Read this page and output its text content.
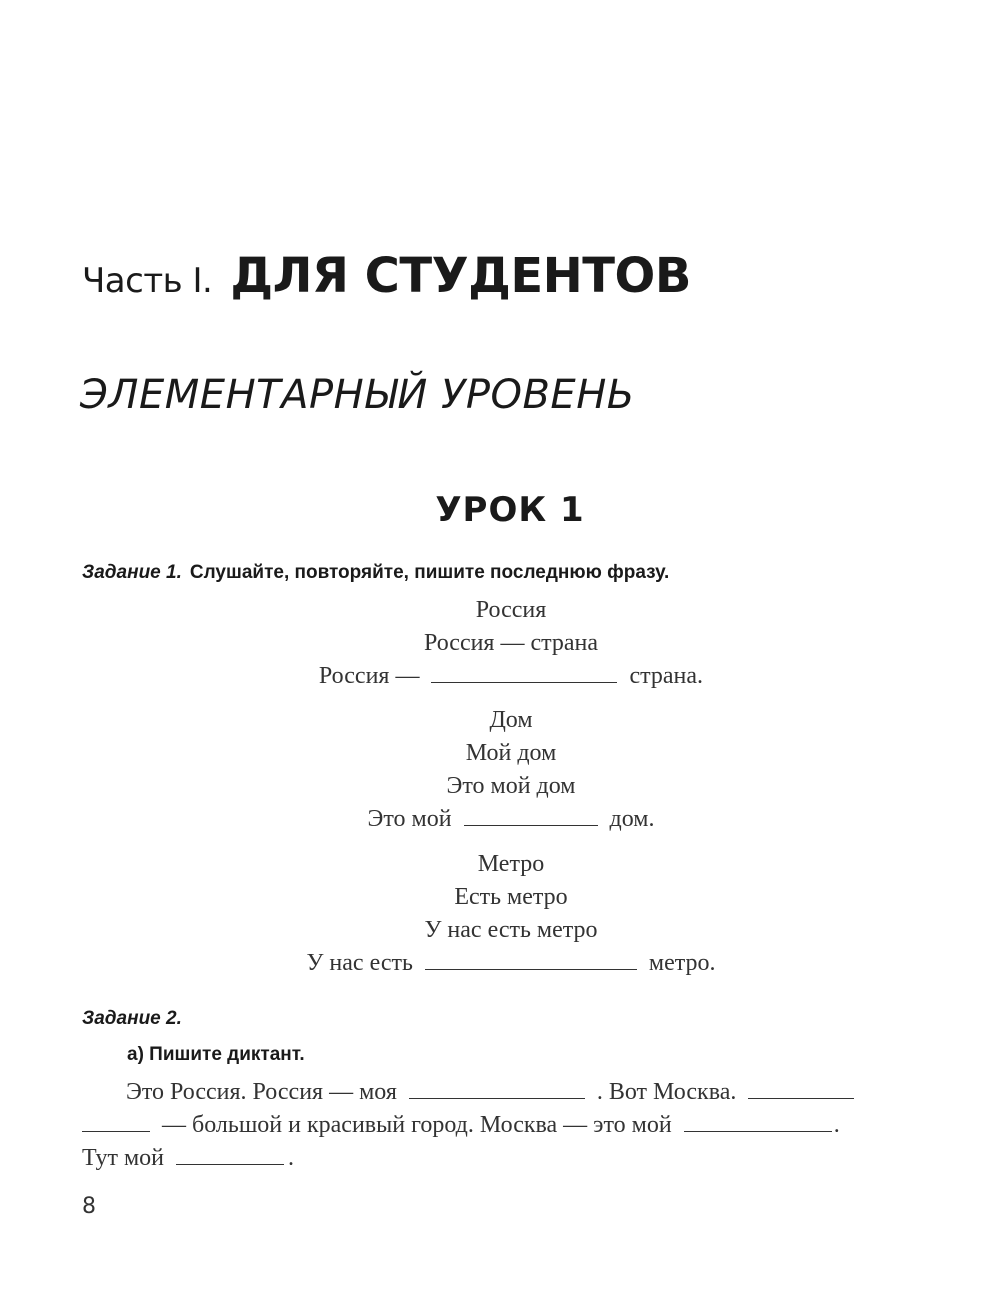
Часть I. ДЛЯ СТУДЕНТОВ
ЭЛЕМЕНТАРНЫЙ УРОВЕНЬ
УРОК 1
Задание 1. Слушайте, повторяйте, пишите последнюю фразу.
Россия
Россия — страна
Россия —	страна.
Дом
Мой дом
Это мой дом
Это мой	дом.
Метро
Есть метро
У нас есть метро
У нас есть	метро.
Задание 2.
а) Пишите диктант.
Это Россия. Россия — моя	. Вот Москва.
— большой и красивый город. Москва — это мой	.
Тут мой	.
8
